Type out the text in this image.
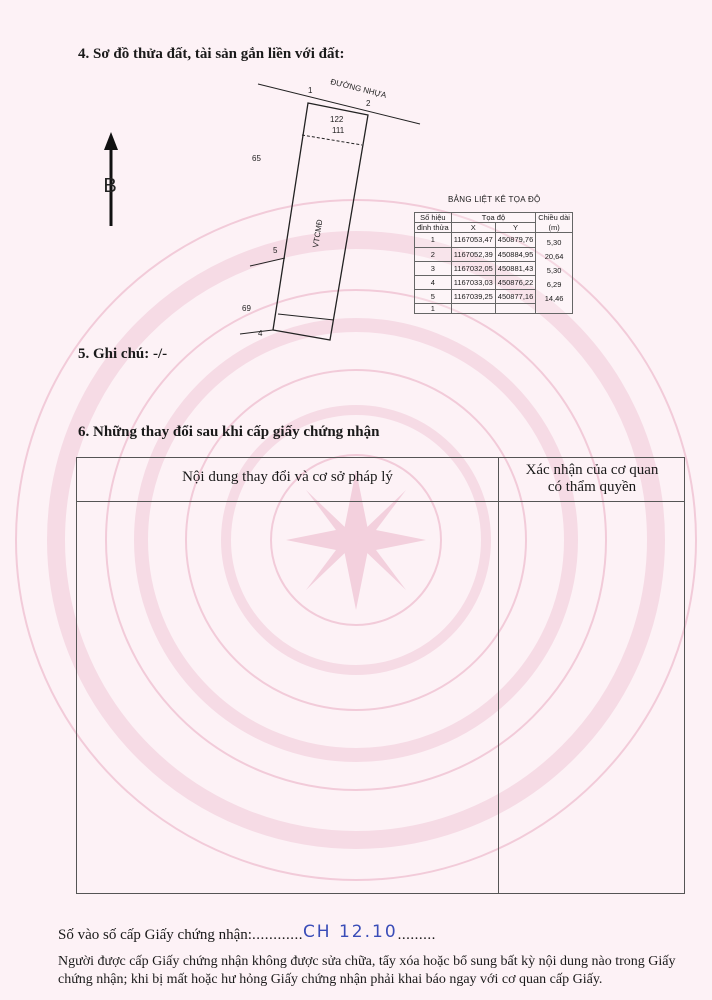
4. Sơ đồ thửa đất, tài sản gắn liền với đất:
B
ĐƯỜNG NHỰA
122
111
VTCMĐ
65
69
1
2
4
5
BẢNG LIỆT KÊ TỌA ĐỘ
Số hiệu	Tọa độ		Chiều dài
đỉnh thửa	X	Y	(m)
1	1167053,47	450879,76	5,30
2	1167052,39	450884,95	20,64
3	1167032,05	450881,43	5,30
4	1167033,03	450876,22	6,29
5	1167039,25	450877,16	14,46
1			
5. Ghi chú: -/-
6. Những thay đổi sau khi cấp giấy chứng nhận
Nội dung thay đổi và cơ sở pháp lý	Xác nhận của cơ quan
có thẩm quyền
Số vào số cấp Giấy chứng nhận:............CH 12.10.........
Người được cấp Giấy chứng nhận không được sửa chữa, tẩy xóa hoặc bổ sung bất kỳ nội dung nào trong Giấy chứng nhận; khi bị mất hoặc hư hỏng Giấy chứng nhận phải khai báo ngay với cơ quan cấp Giấy.
